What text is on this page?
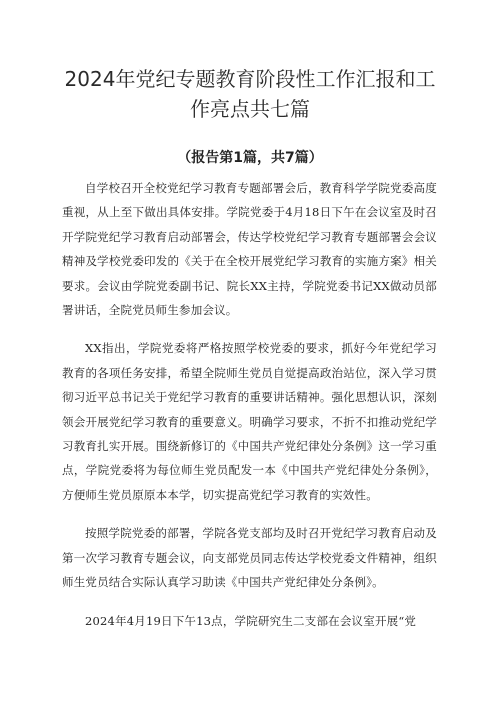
2024年党纪专题教育阶段性工作汇报和工
作亮点共七篇

（报告第1篇，共7篇）

自学校召开全校党纪学习教育专题部署会后，教育科学学院党委高度重视，从上至下做出具体安排。学院党委于4月18日下午在会议室及时召开学院党纪学习教育启动部署会，传达学校党纪学习教育专题部署会会议精神及学校党委印发的《关于在全校开展党纪学习教育的实施方案》相关要求。会议由学院党委副书记、院长XX主持，学院党委书记XX做动员部署讲话，全院党员师生参加会议。

XX指出，学院党委将严格按照学校党委的要求，抓好今年党纪学习教育的各项任务安排，希望全院师生党员自觉提高政治站位，深入学习贯彻习近平总书记关于党纪学习教育的重要讲话精神。强化思想认识，深刻领会开展党纪学习教育的重要意义。明确学习要求，不折不扣推动党纪学习教育扎实开展。围绕新修订的《中国共产党纪律处分条例》这一学习重点，学院党委将为每位师生党员配发一本《中国共产党纪律处分条例》，方便师生党员原原本本学，切实提高党纪学习教育的实效性。

按照学院党委的部署，学院各党支部均及时召开党纪学习教育启动及第一次学习教育专题会议，向支部党员同志传达学校党委文件精神，组织师生党员结合实际认真学习助读《中国共产党纪律处分条例》。

2024年4月19日下午13点，学院研究生二支部在会议室开展“党
